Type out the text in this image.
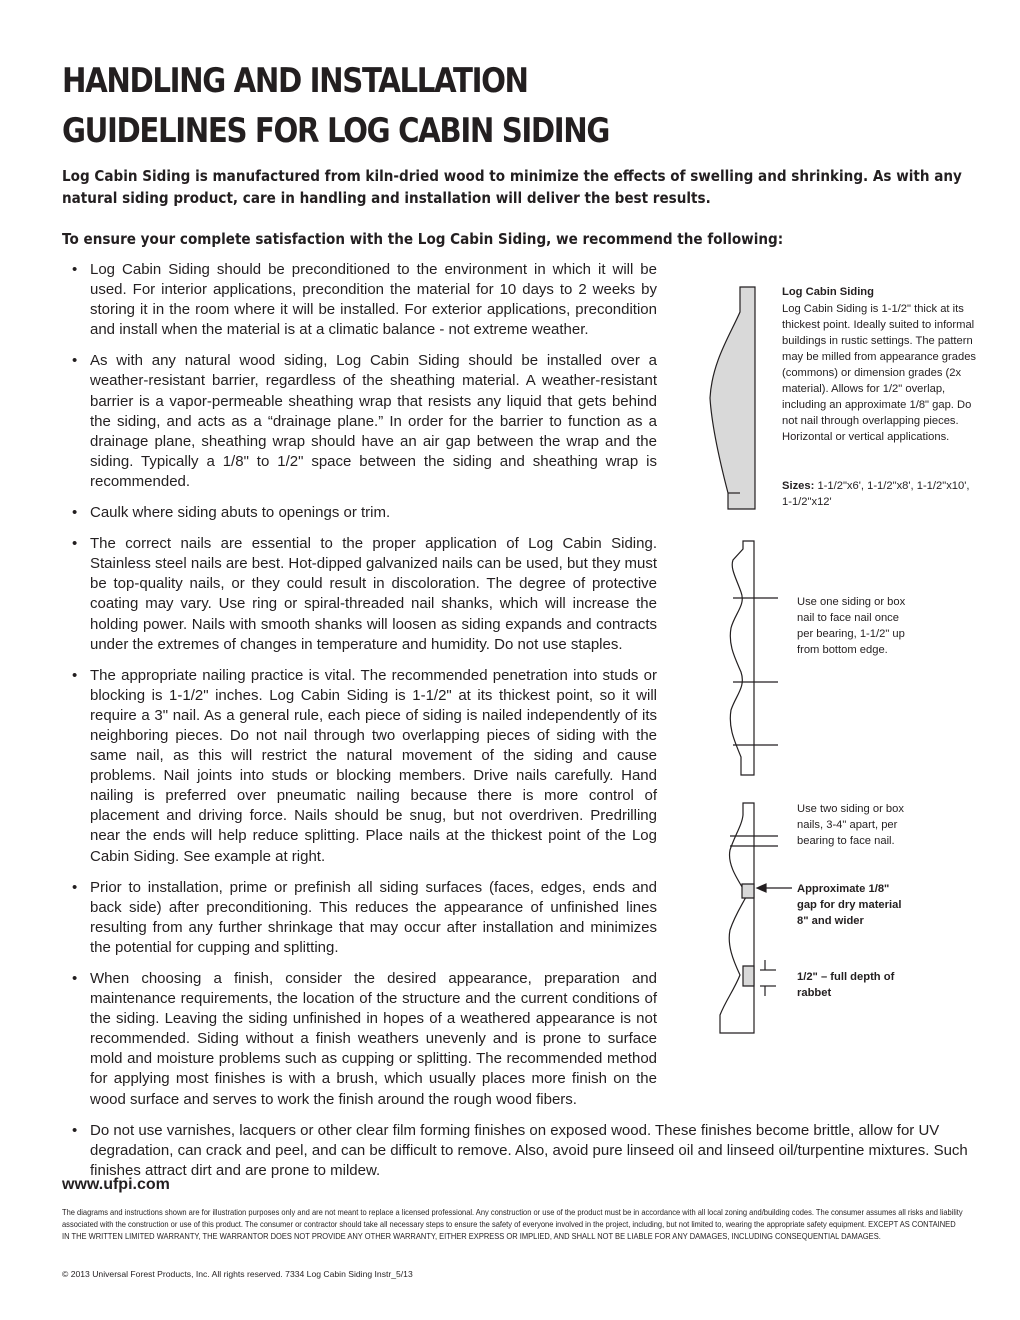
HANDLING AND INSTALLATION
GUIDELINES FOR LOG CABIN SIDING

Log Cabin Siding is manufactured from kiln-dried wood to minimize the effects of swelling and shrinking. As with any natural siding product, care in handling and installation will deliver the best results.

To ensure your complete satisfaction with the Log Cabin Siding, we recommend the following:

• Log Cabin Siding should be preconditioned to the environment in which it will be used. For interior applications, precondition the material for 10 days to 2 weeks by storing it in the room where it will be installed. For exterior applications, precondition and install when the material is at a climatic balance - not extreme weather.
• As with any natural wood siding, Log Cabin Siding should be installed over a weather-resistant barrier, regardless of the sheathing material. A weather-resistant barrier is a vapor-permeable sheathing wrap that resists any liquid that gets behind the siding, and acts as a “drainage plane.” In order for the barrier to function as a drainage plane, sheathing wrap should have an air gap between the wrap and the siding. Typically a 1/8" to 1/2" space between the siding and sheathing wrap is recommended.
• Caulk where siding abuts to openings or trim.
• The correct nails are essential to the proper application of Log Cabin Siding. Stainless steel nails are best. Hot-dipped galvanized nails can be used, but they must be top-quality nails, or they could result in discoloration. The degree of protective coating may vary. Use ring or spiral-threaded nail shanks, which will increase the holding power. Nails with smooth shanks will loosen as siding expands and contracts under the extremes of changes in temperature and humidity. Do not use staples.
• The appropriate nailing practice is vital. The recommended penetration into studs or blocking is 1-1/2" inches. Log Cabin Siding is 1-1/2" at its thickest point, so it will require a 3" nail. As a general rule, each piece of siding is nailed independently of its neighboring pieces. Do not nail through two overlapping pieces of siding with the same nail, as this will restrict the natural movement of the siding and cause problems. Nail joints into studs or blocking members. Drive nails carefully. Hand nailing is preferred over pneumatic nailing because there is more control of placement and driving force. Nails should be snug, but not overdriven. Predrilling near the ends will help reduce splitting. Place nails at the thickest point of the Log Cabin Siding. See example at right.
• Prior to installation, prime or prefinish all siding surfaces (faces, edges, ends and back side) after preconditioning. This reduces the appearance of unfinished lines resulting from any further shrinkage that may occur after installation and minimizes the potential for cupping and splitting.
• When choosing a finish, consider the desired appearance, preparation and maintenance requirements, the location of the structure and the current conditions of the siding. Leaving the siding unfinished in hopes of a weathered appearance is not recommended. Siding without a finish weathers unevenly and is prone to surface mold and moisture problems such as cupping or splitting. The recommended method for applying most finishes is with a brush, which usually places more finish on the wood surface and serves to work the finish around the rough wood fibers.
• Do not use varnishes, lacquers or other clear film forming finishes on exposed wood. These finishes become brittle, allow for UV degradation, can crack and peel, and can be difficult to remove. Also, avoid pure linseed oil and linseed oil/turpentine mixtures. Such finishes attract dirt and are prone to mildew.

Log Cabin Siding

Log Cabin Siding is 1-1/2" thick at its thickest point. Ideally suited to informal buildings in rustic settings. The pattern may be milled from appearance grades (commons) or dimension grades (2x material). Allows for 1/2" overlap, including an approximate 1/8" gap. Do not nail through overlapping pieces. Horizontal or vertical applications.

Sizes: 1-1/2"x6', 1-1/2"x8', 1-1/2"x10', 1-1/2"x12'

Use one siding or box nail to face nail once per bearing, 1-1/2" up from bottom edge.

Use two siding or box nails, 3-4" apart, per bearing to face nail.

Approximate 1/8" gap for dry material 8" and wider

1/2" – full depth of rabbet

www.ufpi.com

The diagrams and instructions shown are for illustration purposes only and are not meant to replace a licensed professional. Any construction or use of the product must be in accordance with all local zoning and/building codes. The consumer assumes all risks and liability associated with the construction or use of this product. The consumer or contractor should take all necessary steps to ensure the safety of everyone involved in the project, including, but not limited to, wearing the appropriate safety equipment. EXCEPT AS CONTAINED IN THE WRITTEN LIMITED WARRANTY, THE WARRANTOR DOES NOT PROVIDE ANY OTHER WARRANTY, EITHER EXPRESS OR IMPLIED, AND SHALL NOT BE LIABLE FOR ANY DAMAGES, INCLUDING CONSEQUENTIAL DAMAGES.

© 2013 Universal Forest Products, Inc. All rights reserved. 7334 Log Cabin Siding Instr_5/13
